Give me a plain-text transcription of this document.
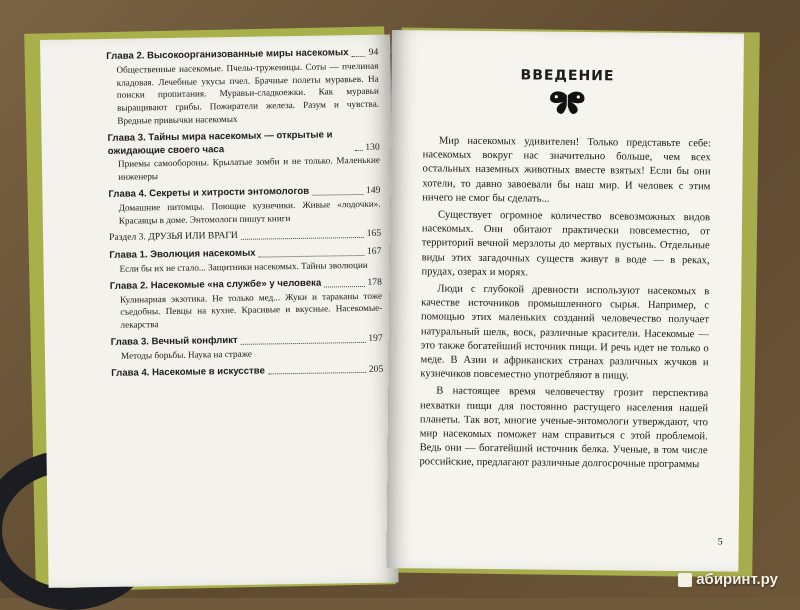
Глава 2. Высокоорганизованные миры насекомых 94
Общественные насекомые. Пчелы-труженицы. Соты — пчелиная кладовая. Лечебные укусы пчел. Брачные полеты муравьев. На поиски пропитания. Муравьи-сладкоежки. Как муравьи выращивают грибы. Пожиратели железа. Разум и чувства. Вредные привычки насекомых
Глава 3. Тайны мира насекомых — открытые и ожидающие своего часа	130
Приемы самообороны. Крылатые зомби и не только. Маленькие инженеры
Глава 4. Секреты и хитрости энтомологов	149
Домашние питомцы. Поющие кузнечики. Живые «лодочки». Красавцы в доме. Энтомологи пишут книги
Раздел 3. ДРУЗЬЯ ИЛИ ВРАГИ	165
Глава 1. Эволюция насекомых	167
Если бы их не стало... Защитники насекомых. Тайны эволюции
Глава 2. Насекомые «на службе» у человека	178
Кулинарная экзотика. Не только мед... Жуки и тараканы тоже съедобны. Певцы на кухне. Красивые и вкусные. Насекомые-лекарства
Глава 3. Вечный конфликт	197
Методы борьбы. Наука на страже
Глава 4. Насекомые в искусстве	205
ВВЕДЕНИЕ

Мир насекомых удивителен! Только представьте себе: насекомых вокруг нас значительно больше, чем всех остальных наземных животных вместе взятых! Если бы они хотели, то давно завоевали бы наш мир. И человек с этим ничего не смог бы сделать...

Существует огромное количество всевозможных видов насекомых. Они обитают практически повсеместно, от территорий вечной мерзлоты до мертвых пустынь. Отдельные виды этих загадочных существ живут в воде — в реках, прудах, озерах и морях.

Люди с глубокой древности используют насекомых в качестве источников промышленного сырья. Например, с помощью этих маленьких созданий человечество получает натуральный шелк, воск, различные красители. Насекомые — это также богатейший источник пищи. И речь идет не только о меде. В Азии и африканских странах различных жучков и кузнечиков повсеместно употребляют в пищу.

В настоящее время человечеству грозит перспектива нехватки пищи для постоянно растущего населения нашей планеты. Так вот, многие ученые-энтомологи утверждают, что мир насекомых поможет нам справиться с этой проблемой. Ведь они — богатейший источник белка. Ученые, в том числе российские, предлагают различные долгосрочные программы

5
абиринт.ру
